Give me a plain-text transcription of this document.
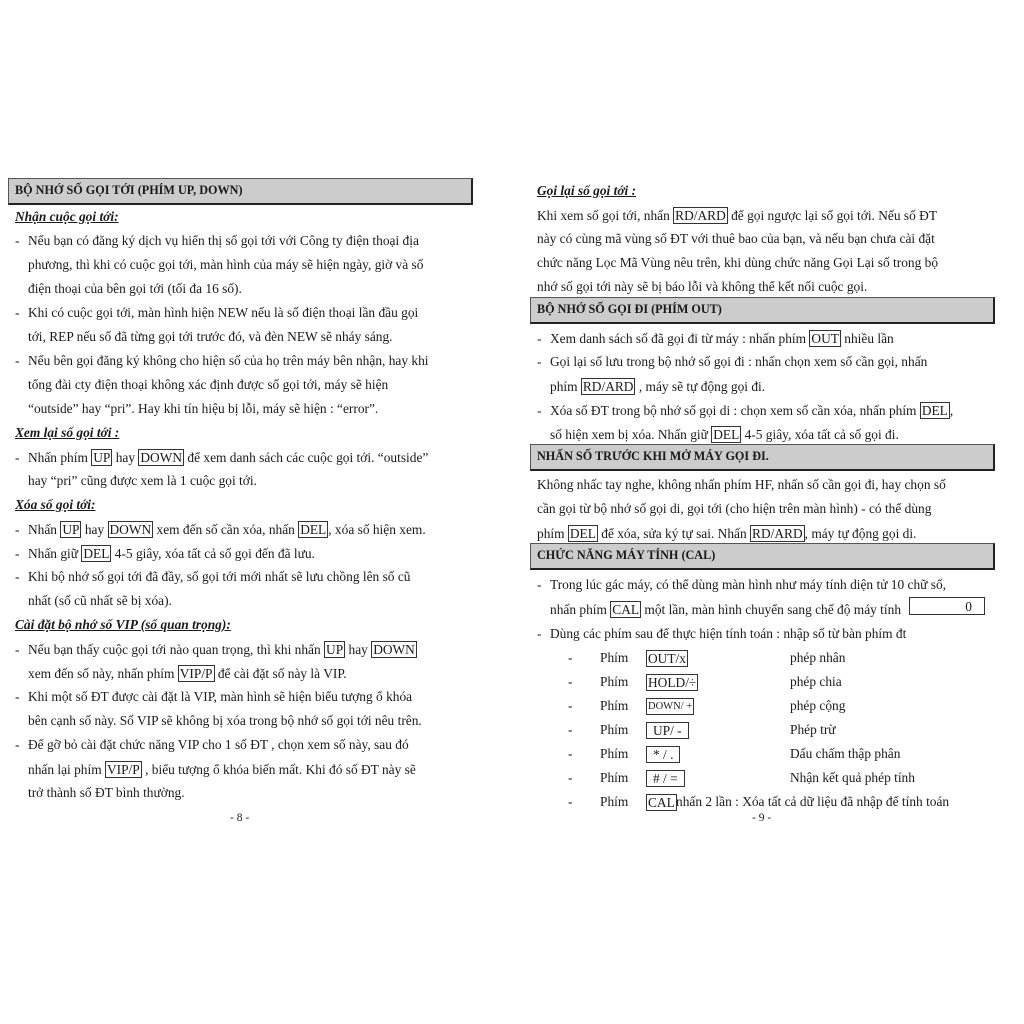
BỘ NHỚ SỐ GỌI TỚI (PHÍM UP, DOWN)
Nhận cuộc gọi tới:
- Nếu bạn có đăng ký dịch vụ hiển thị số gọi tới với Công ty điện thoại địa
phương, thì khi có cuộc gọi tới, màn hình của máy sẽ hiện ngày, giờ và số
điện thoại của bên gọi tới (tối đa 16 số).
- Khi có cuộc gọi tới, màn hình hiện NEW nếu là số điện thoại lần đầu gọi
tới, REP nếu số đã từng gọi tới trước đó, và đèn NEW sẽ nháy sáng.
- Nếu bên gọi đăng ký không cho hiện số của họ trên máy bên nhận, hay khi
tổng đài cty điện thoại không xác định được số gọi tới, máy sẽ hiện
“outside” hay “pri”. Hay khi tín hiệu bị lỗi, máy sẽ hiện : “error”.
Xem lại số gọi tới :
- Nhấn phím UP hay DOWN để xem danh sách các cuộc gọi tới. “outside”
hay “pri” cũng được xem là 1 cuộc gọi tới.
Xóa số gọi tới:
- Nhấn UP hay DOWN xem đến số cần xóa, nhấn DEL , xóa số hiện xem.
- Nhấn giữ DEL 4-5 giây, xóa tất cả số gọi đến đã lưu.
- Khi bộ nhớ số gọi tới đã đầy, số gọi tới mới nhất sẽ lưu chồng lên số cũ
nhất (số cũ nhất sẽ bị xóa).
Cài đặt bộ nhớ số VIP (số quan trọng):
- Nếu bạn thấy cuộc gọi tới nào quan trọng, thì khi nhấn UP hay DOWN
xem đến số này, nhấn phím VIP/P để cài đặt số này là VIP.
- Khi một số ĐT được cài đặt là VIP, màn hình sẽ hiện biểu tượng ổ khóa
bên cạnh số này. Số VIP sẽ không bị xóa trong bộ nhớ số gọi tới nêu trên.
- Để gỡ bỏ cài đặt chức năng VIP cho 1 số ĐT , chọn xem số này, sau đó
nhấn lại phím VIP/P , biểu tượng ổ khóa biến mất. Khi đó số ĐT này sẽ
trở thành số ĐT bình thường.
- 8 -
Gọi lại số gọi tới :
Khi xem số gọi tới, nhấn RD/ARD để gọi ngược lại số gọi tới. Nếu số ĐT
này có cùng mã vùng số ĐT với thuê bao của bạn, và nếu bạn chưa cài đặt
chức năng Lọc Mã Vùng nêu trên, khi dùng chức năng Gọi Lại số trong bộ
nhớ số gọi tới này sẽ bị báo lỗi và không thể kết nối cuộc gọi.
BỘ NHỚ SỐ GỌI ĐI (PHÍM OUT)
- Xem danh sách số đã gọi đi từ máy : nhấn phím OUT nhiều lần
- Gọi lại số lưu trong bộ nhớ số gọi đi : nhấn chọn xem số cần gọi, nhấn
phím RD/ARD , máy sẽ tự động gọi đi.
- Xóa số ĐT trong bộ nhớ số gọi di : chọn xem số cần xóa, nhấn phím DEL ,
số hiện xem bị xóa. Nhấn giữ DEL 4-5 giây, xóa tất cả số gọi đi.
NHẤN SỐ TRƯỚC KHI MỞ MÁY GỌI ĐI.
Không nhấc tay nghe, không nhấn phím HF, nhấn số cần gọi đi, hay chọn số
cần gọi từ bộ nhớ số gọi di, gọi tới (cho hiện trên màn hình) - có thể dùng
phím DEL để xóa, sửa ký tự sai. Nhấn RD/ARD , máy tự động gọi di.
CHỨC NĂNG MÁY TÍNH (CAL)
- Trong lúc gác máy, có thể dùng màn hình như máy tính diện tử 10 chữ số,
nhấn phím CAL một lần, màn hình chuyển sang chế độ máy tính	0
- Dùng các phím sau để thực hiện tính toán : nhập số từ bàn phím đt
- Phím OUT/x	phép nhân
- Phím HOLD/÷	phép chia
- Phím DOWN/ +	phép cộng
- Phím	UP/ -	Phép trừ
- Phím	* / .	Dấu chấm thập phân
- Phím	# / =	Nhận kết quả phép tính
- Phím CAL nhấn 2 lần : Xóa tất cả dữ liệu đã nhập để tính toán
- 9 -
